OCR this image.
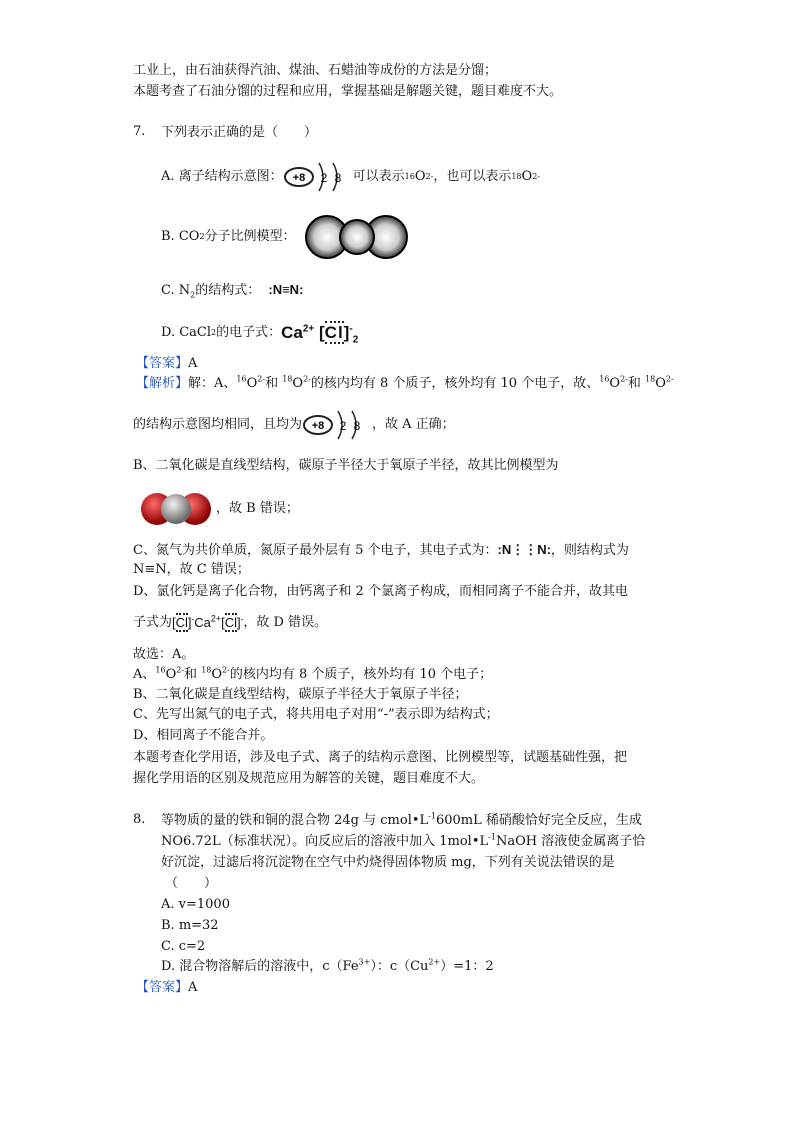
工业上，由石油获得汽油、煤油、石蜡油等成份的方法是分馏；
本题考查了石油分馏的过程和应用，掌握基础是解题关键，题目难度不大。
7. 下列表示正确的是（　　）
A. 离子结构示意图： +8 2 8 可以表示 16 O 2- ，也可以表示 18 O 2-
B. CO 2 分子比例模型：
C. $N_2$的结构式： :N≡N:
D. CaCl 2 的电子式： $Ca^{2+}$ $[Cl]^-_2$
【答案】A
【解析】解：A、$^{16}O^{2-}$和 $^{18}O^{2-}$的核内均有 8 个质子，核外均有 10 个电子，故、$^{16}O^{2-}$和 $^{18}O^{2-}$
的结构示意图均相同，且均为 +8 2 8 ，故 A 正确；
B、二氧化碳是直线型结构，碳原子半径大于氧原子半径，故其比例模型为
，故 B 错误；
C、氮气为共价单质，氮原子最外层有 5 个电子，其电子式为：:N⋮⋮N:，则结构式为
N≡N，故 C 错误；
D、氯化钙是离子化合物，由钙离子和 2 个氯离子构成，而相同离子不能合并，故其电
子式为 $[Cl]^-Ca^{2+}[Cl]^-$ ，故 D 错误。
故选：A。
A、$^{16}O^{2-}$和 $^{18}O^{2-}$的核内均有 8 个质子，核外均有 10 个电子；
B、二氧化碳是直线型结构，碳原子半径大于氧原子半径；
C、先写出氮气的电子式，将共用电子对用“-”表示即为结构式；
D、相同离子不能合并。
本题考查化学用语，涉及电子式、离子的结构示意图、比例模型等，试题基础性强，把
握化学用语的区别及规范应用为解答的关键，题目难度不大。
8. 等物质的量的铁和铜的混合物 24g 与 $cmol•L^{-1}600mL$ 稀硝酸恰好完全反应，生成
NO6.72L（标准状况）。向反应后的溶液中加入 $1mol•L^{-1}NaOH$ 溶液使金属离子恰
好沉淀，过滤后将沉淀物在空气中灼烧得固体物质 mg，下列有关说法错误的是
（　　）
A. v=1000
B. m=32
C. c=2
D. 混合物溶解后的溶液中，$c(Fe^{3+})$：$c(Cu^{2+})=1$：2
【答案】A
